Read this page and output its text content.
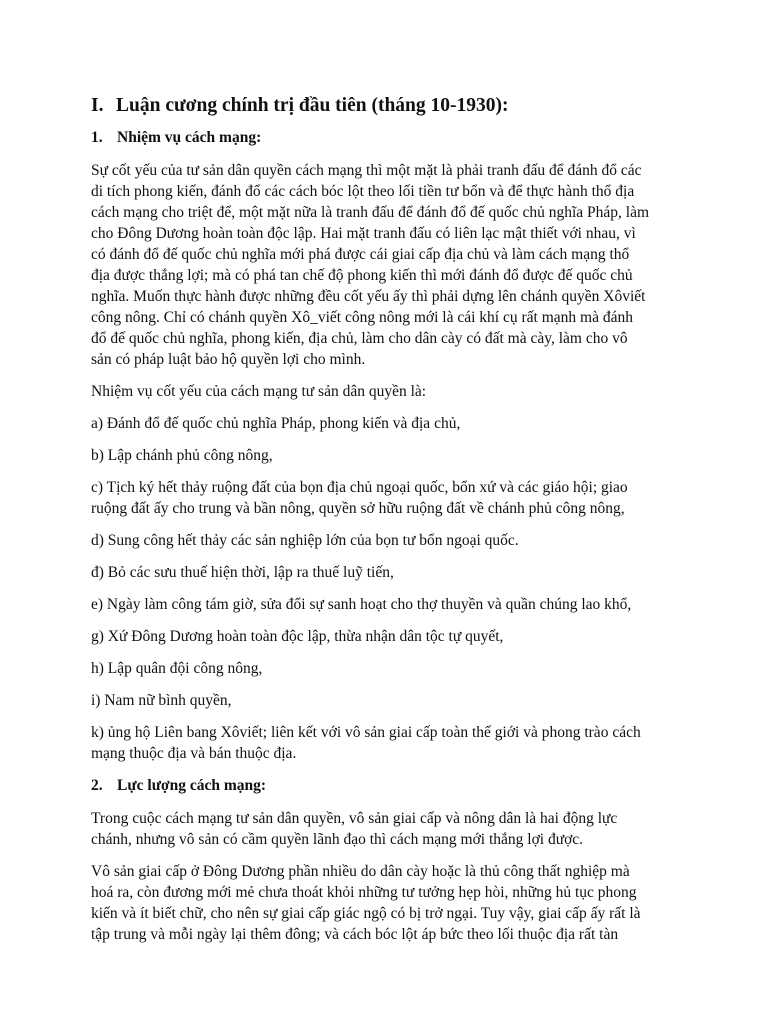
I. Luận cương chính trị đầu tiên (tháng 10-1930):
1. Nhiệm vụ cách mạng:
Sự cốt yếu của tư sản dân quyền cách mạng thì một mặt là phải tranh đấu để đánh đổ các
di tích phong kiến, đánh đổ các cách bóc lột theo lối tiền tư bổn và để thực hành thổ địa
cách mạng cho triệt để, một mặt nữa là tranh đấu để đánh đổ đế quốc chủ nghĩa Pháp, làm
cho Đông Dương hoàn toàn độc lập. Hai mặt tranh đấu có liên lạc mật thiết với nhau, vì
có đánh đổ đế quốc chủ nghĩa mới phá được cái giai cấp địa chủ và làm cách mạng thổ
địa được thắng lợi; mà có phá tan chế độ phong kiến thì mới đánh đổ được đế quốc chủ
nghĩa. Muốn thực hành được những đều cốt yếu ấy thì phải dựng lên chánh quyền Xôviết
công nông. Chỉ có chánh quyền Xô_viết công nông mới là cái khí cụ rất mạnh mà đánh
đổ đế quốc chủ nghĩa, phong kiến, địa chủ, làm cho dân cày có đất mà cày, làm cho vô
sản có pháp luật bảo hộ quyền lợi cho mình.
Nhiệm vụ cốt yếu của cách mạng tư sản dân quyền là:
a) Đánh đổ đế quốc chủ nghĩa Pháp, phong kiến và địa chủ,
b) Lập chánh phủ công nông,
c) Tịch ký hết thảy ruộng đất của bọn địa chủ ngoại quốc, bổn xứ và các giáo hội; giao
ruộng đất ấy cho trung và bần nông, quyền sở hữu ruộng đất về chánh phủ công nông,
d) Sung công hết thảy các sản nghiệp lớn của bọn tư bổn ngoại quốc.
đ) Bỏ các sưu thuế hiện thời, lập ra thuế luỹ tiến,
e) Ngày làm công tám giờ, sửa đổi sự sanh hoạt cho thợ thuyền và quần chúng lao khổ,
g) Xứ Đông Dương hoàn toàn độc lập, thừa nhận dân tộc tự quyết,
h) Lập quân đội công nông,
i) Nam nữ bình quyền,
k) ủng hộ Liên bang Xôviết; liên kết với vô sản giai cấp toàn thế giới và phong trào cách
mạng thuộc địa và bán thuộc địa.
2. Lực lượng cách mạng:
Trong cuộc cách mạng tư sản dân quyền, vô sản giai cấp và nông dân là hai động lực
chánh, nhưng vô sản có cầm quyền lãnh đạo thì cách mạng mới thắng lợi được.
Vô sản giai cấp ở Đông Dương phần nhiều do dân cày hoặc là thủ công thất nghiệp mà
hoá ra, còn đương mới mẻ chưa thoát khỏi những tư tưởng hẹp hòi, những hủ tục phong
kiến và ít biết chữ, cho nên sự giai cấp giác ngộ có bị trở ngại. Tuy vậy, giai cấp ấy rất là
tập trung và mỗi ngày lại thêm đông; và cách bóc lột áp bức theo lối thuộc địa rất tàn
